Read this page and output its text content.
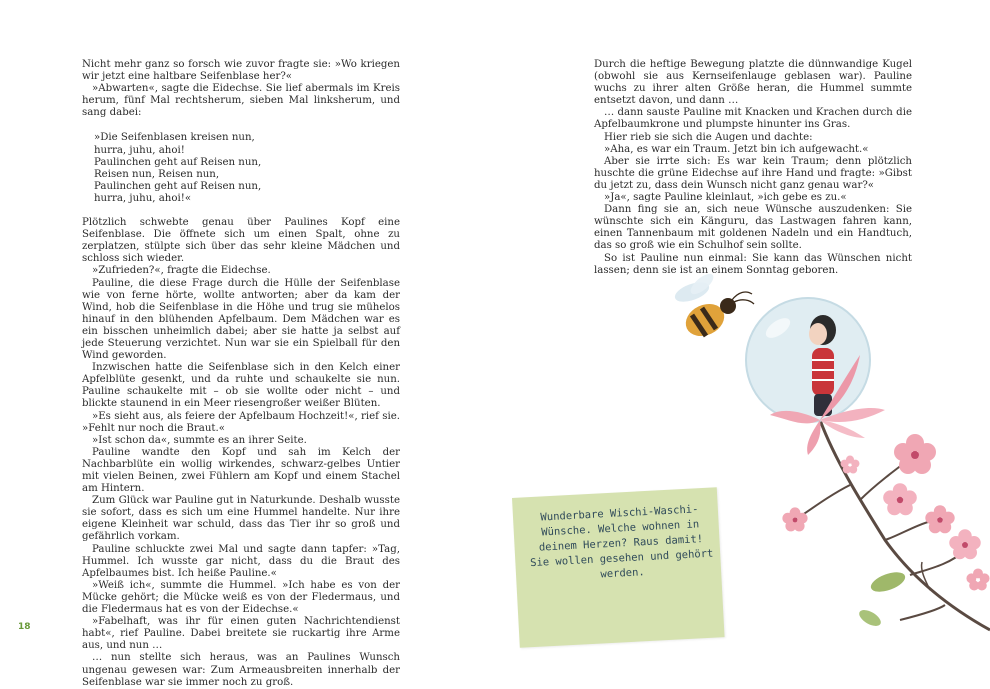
Nicht mehr ganz so forsch wie zuvor fragte sie: »Wo kriegen wir jetzt eine haltbare Seifenblase her?«

»Abwarten«, sagte die Eidechse. Sie lief abermals im Kreis herum, fünf Mal rechtsherum, sieben Mal linksherum, und sang dabei:

»Die Seifenblasen kreisen nun,
hurra, juhu, ahoi!
Paulinchen geht auf Reisen nun,
Reisen nun, Reisen nun,
Paulinchen geht auf Reisen nun,
hurra, juhu, ahoi!«

Plötzlich schwebte genau über Paulines Kopf eine Seifenblase. Die öffnete sich um einen Spalt, ohne zu zerplatzen, stülpte sich über das sehr kleine Mädchen und schloss sich wieder.

»Zufrieden?«, fragte die Eidechse.

Pauline, die diese Frage durch die Hülle der Seifenblase wie von ferne hörte, wollte antworten; aber da kam der Wind, hob die Seifenblase in die Höhe und trug sie mühelos hinauf in den blühenden Apfelbaum. Dem Mädchen war es ein bisschen unheimlich dabei; aber sie hatte ja selbst auf jede Steuerung verzichtet. Nun war sie ein Spielball für den Wind geworden.

Inzwischen hatte die Seifenblase sich in den Kelch einer Apfelblüte gesenkt, und da ruhte und schaukelte sie nun. Pauline schaukelte mit – ob sie wollte oder nicht – und blickte staunend in ein Meer riesengroßer weißer Blüten.

»Es sieht aus, als feiere der Apfelbaum Hochzeit!«, rief sie. »Fehlt nur noch die Braut.«

»Ist schon da«, summte es an ihrer Seite.

Pauline wandte den Kopf und sah im Kelch der Nachbarblüte ein wollig wirkendes, schwarz-gelbes Untier mit vielen Beinen, zwei Fühlern am Kopf und einem Stachel am Hintern.

Zum Glück war Pauline gut in Naturkunde. Deshalb wusste sie sofort, dass es sich um eine Hummel handelte. Nur ihre eigene Kleinheit war schuld, dass das Tier ihr so groß und gefährlich vorkam.

Pauline schluckte zwei Mal und sagte dann tapfer: »Tag, Hummel. Ich wusste gar nicht, dass du die Braut des Apfelbaumes bist. Ich heiße Pauline.«

»Weiß ich«, summte die Hummel. »Ich habe es von der Mücke gehört; die Mücke weiß es von der Fledermaus, und die Fledermaus hat es von der Eidechse.«

»Fabelhaft, was ihr für einen guten Nachrichtendienst habt«, rief Pauline. Dabei breitete sie ruckartig ihre Arme aus, und nun …

… nun stellte sich heraus, was an Paulines Wunsch ungenau gewesen war: Zum Armeausbreiten innerhalb der Seifenblase war sie immer noch zu groß.

18

Durch die heftige Bewegung platzte die dünnwandige Kugel (obwohl sie aus Kernseifenlauge geblasen war). Pauline wuchs zu ihrer alten Größe heran, die Hummel summte entsetzt davon, und dann …

… dann sauste Pauline mit Knacken und Krachen durch die Apfelbaumkrone und plumpste hinunter ins Gras.

Hier rieb sie sich die Augen und dachte:

»Aha, es war ein Traum. Jetzt bin ich aufgewacht.«

Aber sie irrte sich: Es war kein Traum; denn plötzlich huschte die grüne Eidechse auf ihre Hand und fragte: »Gibst du jetzt zu, dass dein Wunsch nicht ganz genau war?«

»Ja«, sagte Pauline kleinlaut, »ich gebe es zu.«

Dann fing sie an, sich neue Wünsche auszudenken: Sie wünschte sich ein Känguru, das Lastwagen fahren kann, einen Tannenbaum mit goldenen Nadeln und ein Handtuch, das so groß wie ein Schulhof sein sollte.

So ist Pauline nun einmal: Sie kann das Wünschen nicht lassen; denn sie ist an einem Sonntag geboren.

Wunderbare Wischi-Waschi-Wünsche. Welche wohnen in deinem Herzen? Raus damit! Sie wollen gesehen und gehört werden.
